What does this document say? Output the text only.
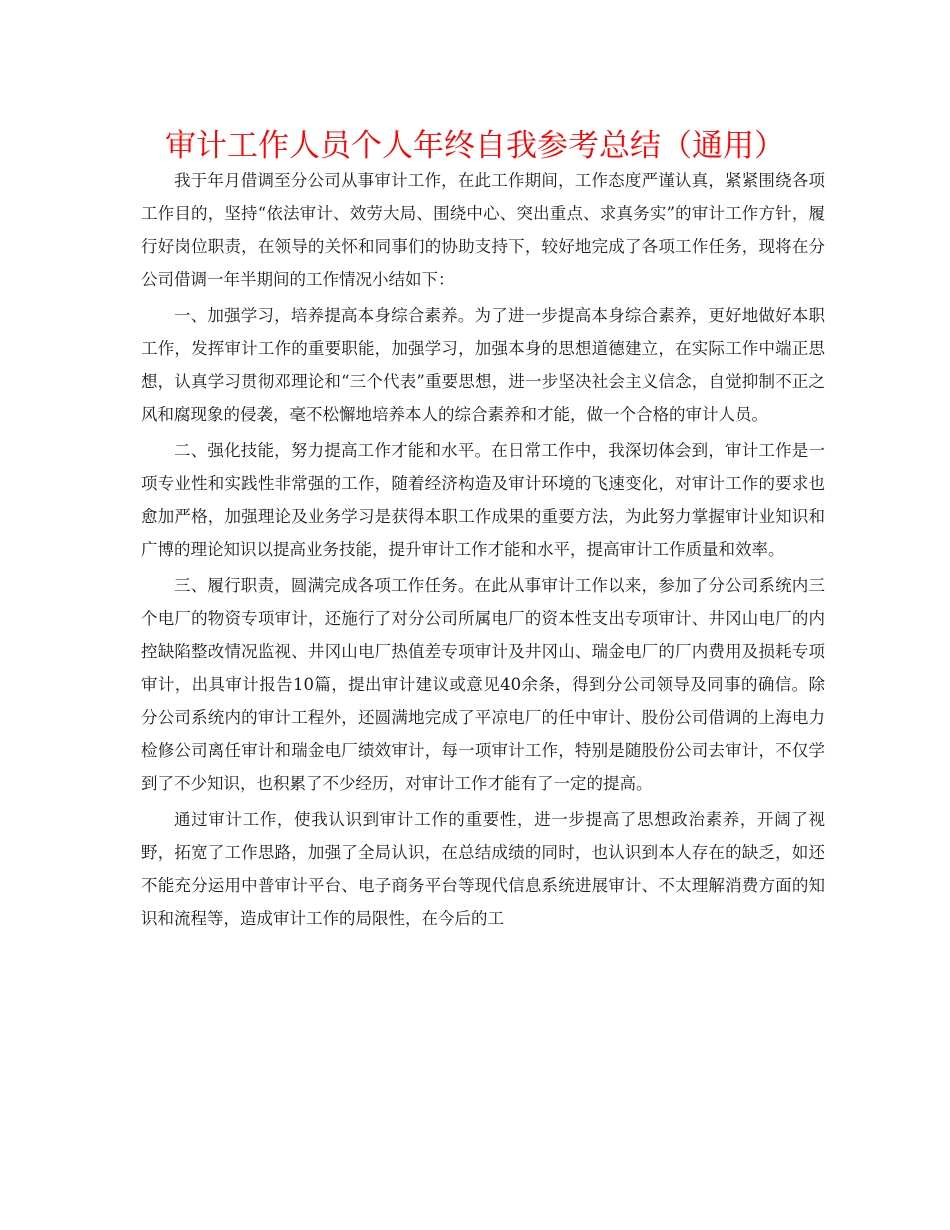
审计工作人员个人年终自我参考总结（通用）

我于年月借调至分公司从事审计工作，在此工作期间，工作态度严谨认真，紧紧围绕各项工作目的，坚持“依法审计、效劳大局、围绕中心、突出重点、求真务实”的审计工作方针，履行好岗位职责，在领导的关怀和同事们的协助支持下，较好地完成了各项工作任务，现将在分公司借调一年半期间的工作情况小结如下：

一、加强学习，培养提高本身综合素养。为了进一步提高本身综合素养，更好地做好本职工作，发挥审计工作的重要职能，加强学习，加强本身的思想道德建立，在实际工作中端正思想，认真学习贯彻邓理论和“三个代表”重要思想，进一步坚决社会主义信念，自觉抑制不正之风和腐现象的侵袭，毫不松懈地培养本人的综合素养和才能，做一个合格的审计人员。

二、强化技能，努力提高工作才能和水平。在日常工作中，我深切体会到，审计工作是一项专业性和实践性非常强的工作，随着经济构造及审计环境的飞速变化，对审计工作的要求也愈加严格，加强理论及业务学习是获得本职工作成果的重要方法，为此努力掌握审计业知识和广博的理论知识以提高业务技能，提升审计工作才能和水平，提高审计工作质量和效率。

三、履行职责，圆满完成各项工作任务。在此从事审计工作以来，参加了分公司系统内三个电厂的物资专项审计，还施行了对分公司所属电厂的资本性支出专项审计、井冈山电厂的内控缺陷整改情况监视、井冈山电厂热值差专项审计及井冈山、瑞金电厂的厂内费用及损耗专项审计，出具审计报告10篇，提出审计建议或意见40余条，得到分公司领导及同事的确信。除分公司系统内的审计工程外，还圆满地完成了平凉电厂的任中审计、股份公司借调的上海电力检修公司离任审计和瑞金电厂绩效审计，每一项审计工作，特别是随股份公司去审计，不仅学到了不少知识，也积累了不少经历，对审计工作才能有了一定的提高。

通过审计工作，使我认识到审计工作的重要性，进一步提高了思想政治素养，开阔了视野，拓宽了工作思路，加强了全局认识，在总结成绩的同时，也认识到本人存在的缺乏，如还不能充分运用中普审计平台、电子商务平台等现代信息系统进展审计、不太理解消费方面的知识和流程等，造成审计工作的局限性，在今后的工
